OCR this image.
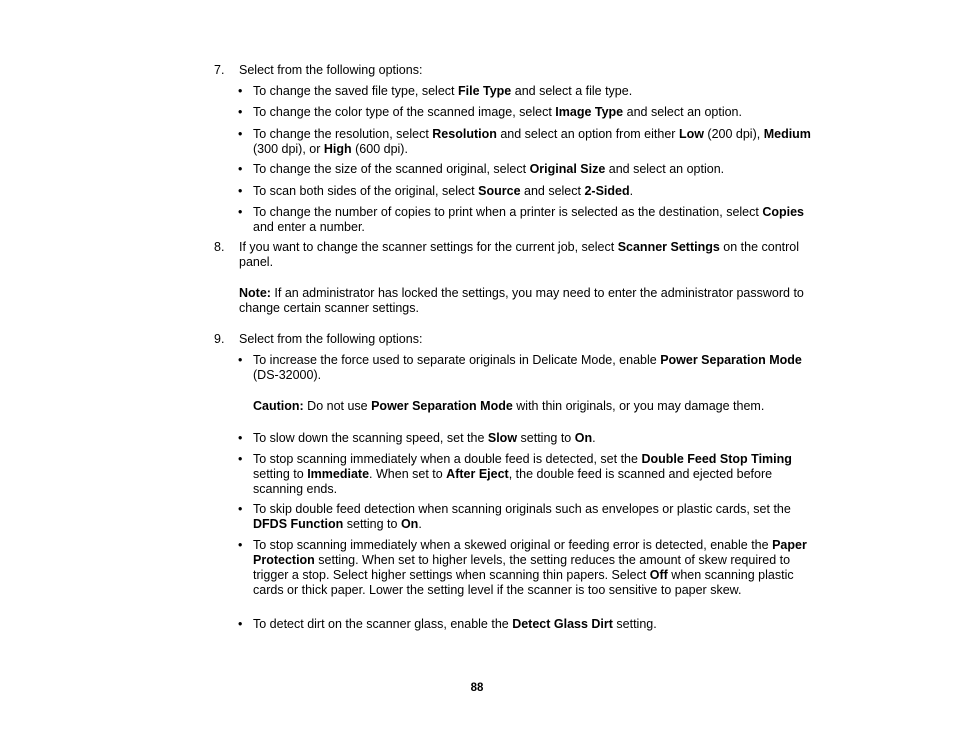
7.	Select from the following options:
• To change the saved file type, select File Type and select a file type.
• To change the color type of the scanned image, select Image Type and select an option.
• To change the resolution, select Resolution and select an option from either Low (200 dpi), Medium (300 dpi), or High (600 dpi).
• To change the size of the scanned original, select Original Size and select an option.
• To scan both sides of the original, select Source and select 2-Sided.
• To change the number of copies to print when a printer is selected as the destination, select Copies and enter a number.
8.	If you want to change the scanner settings for the current job, select Scanner Settings on the control panel.
Note: If an administrator has locked the settings, you may need to enter the administrator password to change certain scanner settings.
9.	Select from the following options:
• To increase the force used to separate originals in Delicate Mode, enable Power Separation Mode (DS-32000).
Caution: Do not use Power Separation Mode with thin originals, or you may damage them.
• To slow down the scanning speed, set the Slow setting to On.
• To stop scanning immediately when a double feed is detected, set the Double Feed Stop Timing setting to Immediate. When set to After Eject, the double feed is scanned and ejected before scanning ends.
• To skip double feed detection when scanning originals such as envelopes or plastic cards, set the DFDS Function setting to On.
• To stop scanning immediately when a skewed original or feeding error is detected, enable the Paper Protection setting. When set to higher levels, the setting reduces the amount of skew required to trigger a stop. Select higher settings when scanning thin papers. Select Off when scanning plastic cards or thick paper. Lower the setting level if the scanner is too sensitive to paper skew.
• To detect dirt on the scanner glass, enable the Detect Glass Dirt setting.
88
